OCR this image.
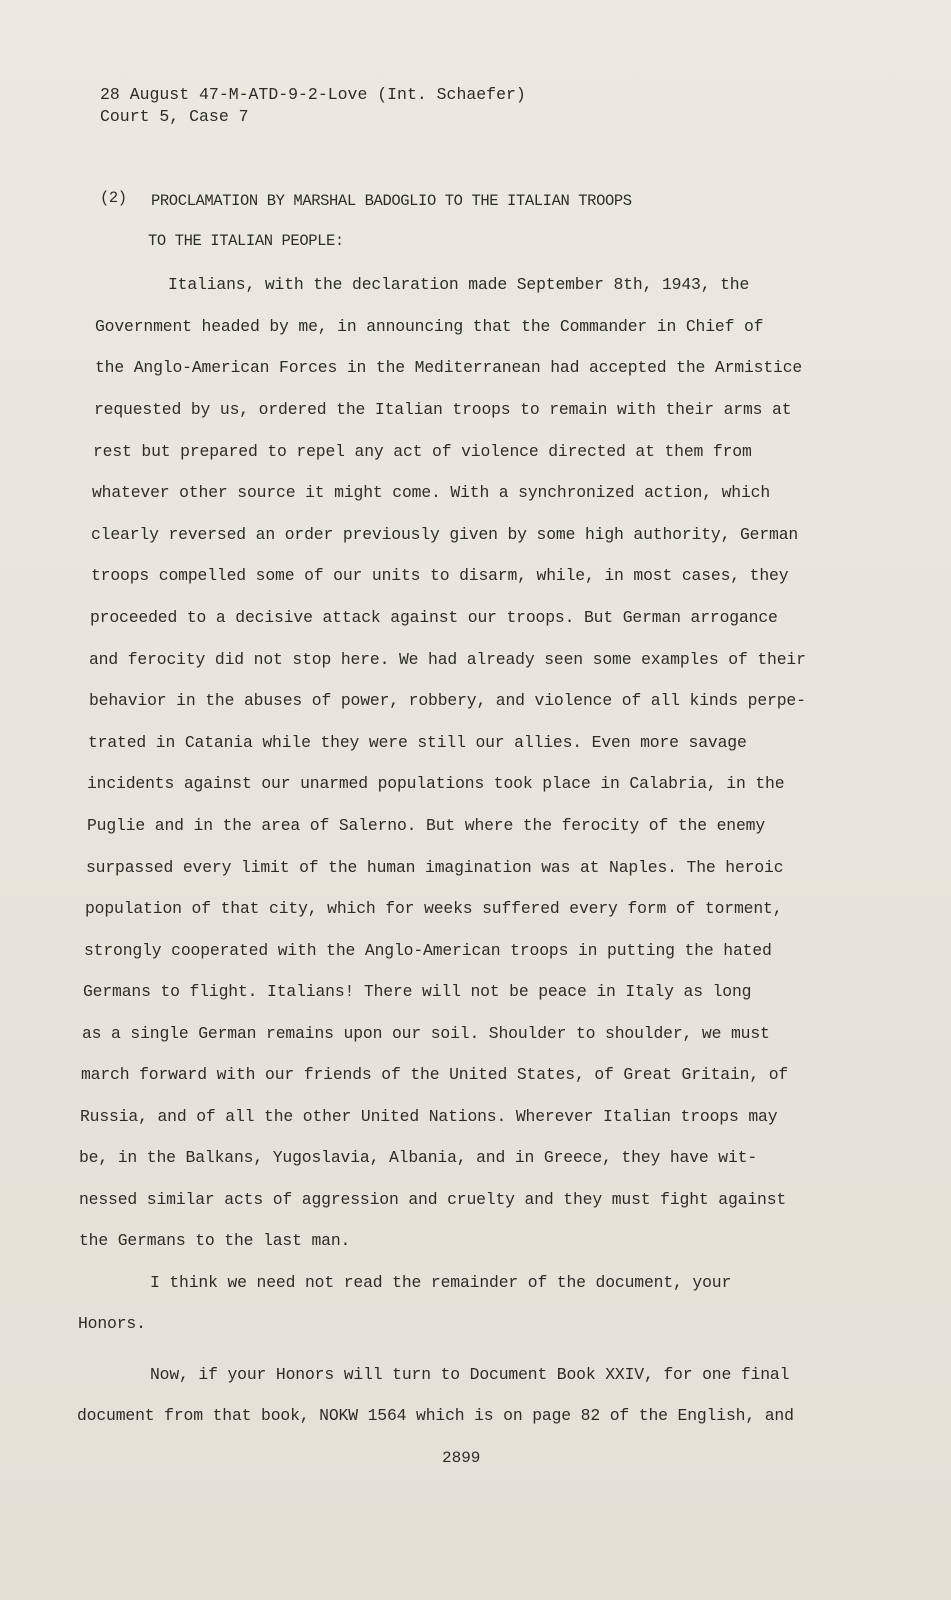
28 August 47-M-ATD-9-2-Love (Int. Schaefer)
Court 5, Case 7
(2) PROCLAMATION BY MARSHAL BADOGLIO TO THE ITALIAN TROOPS
TO THE ITALIAN PEOPLE:
Italians, with the declaration made September 8th, 1943, the
Government headed by me, in announcing that the Commander in Chief of
the Anglo-American Forces in the Mediterranean had accepted the Armistice
requested by us, ordered the Italian troops to remain with their arms at
rest but prepared to repel any act of violence directed at them from
whatever other source it might come. With a synchronized action, which
clearly reversed an order previously given by some high authority, German
troops compelled some of our units to disarm, while, in most cases, they
proceeded to a decisive attack against our troops. But German arrogance
and ferocity did not stop here. We had already seen some examples of their
behavior in the abuses of power, robbery, and violence of all kinds perpe-
trated in Catania while they were still our allies. Even more savage
incidents against our unarmed populations took place in Calabria, in the
Puglie and in the area of Salerno. But where the ferocity of the enemy
surpassed every limit of the human imagination was at Naples. The heroic
population of that city, which for weeks suffered every form of torment,
strongly cooperated with the Anglo-American troops in putting the hated
Germans to flight. Italians! There will not be peace in Italy as long
as a single German remains upon our soil. Shoulder to shoulder, we must
march forward with our friends of the United States, of Great Gritain, of
Russia, and of all the other United Nations. Wherever Italian troops may
be, in the Balkans, Yugoslavia, Albania, and in Greece, they have wit-
nessed similar acts of aggression and cruelty and they must fight against
the Germans to the last man.
I think we need not read the remainder of the document, your
Honors.
Now, if your Honors will turn to Document Book XXIV, for one final
document from that book, NOKW 1564 which is on page 82 of the English, and
2899
